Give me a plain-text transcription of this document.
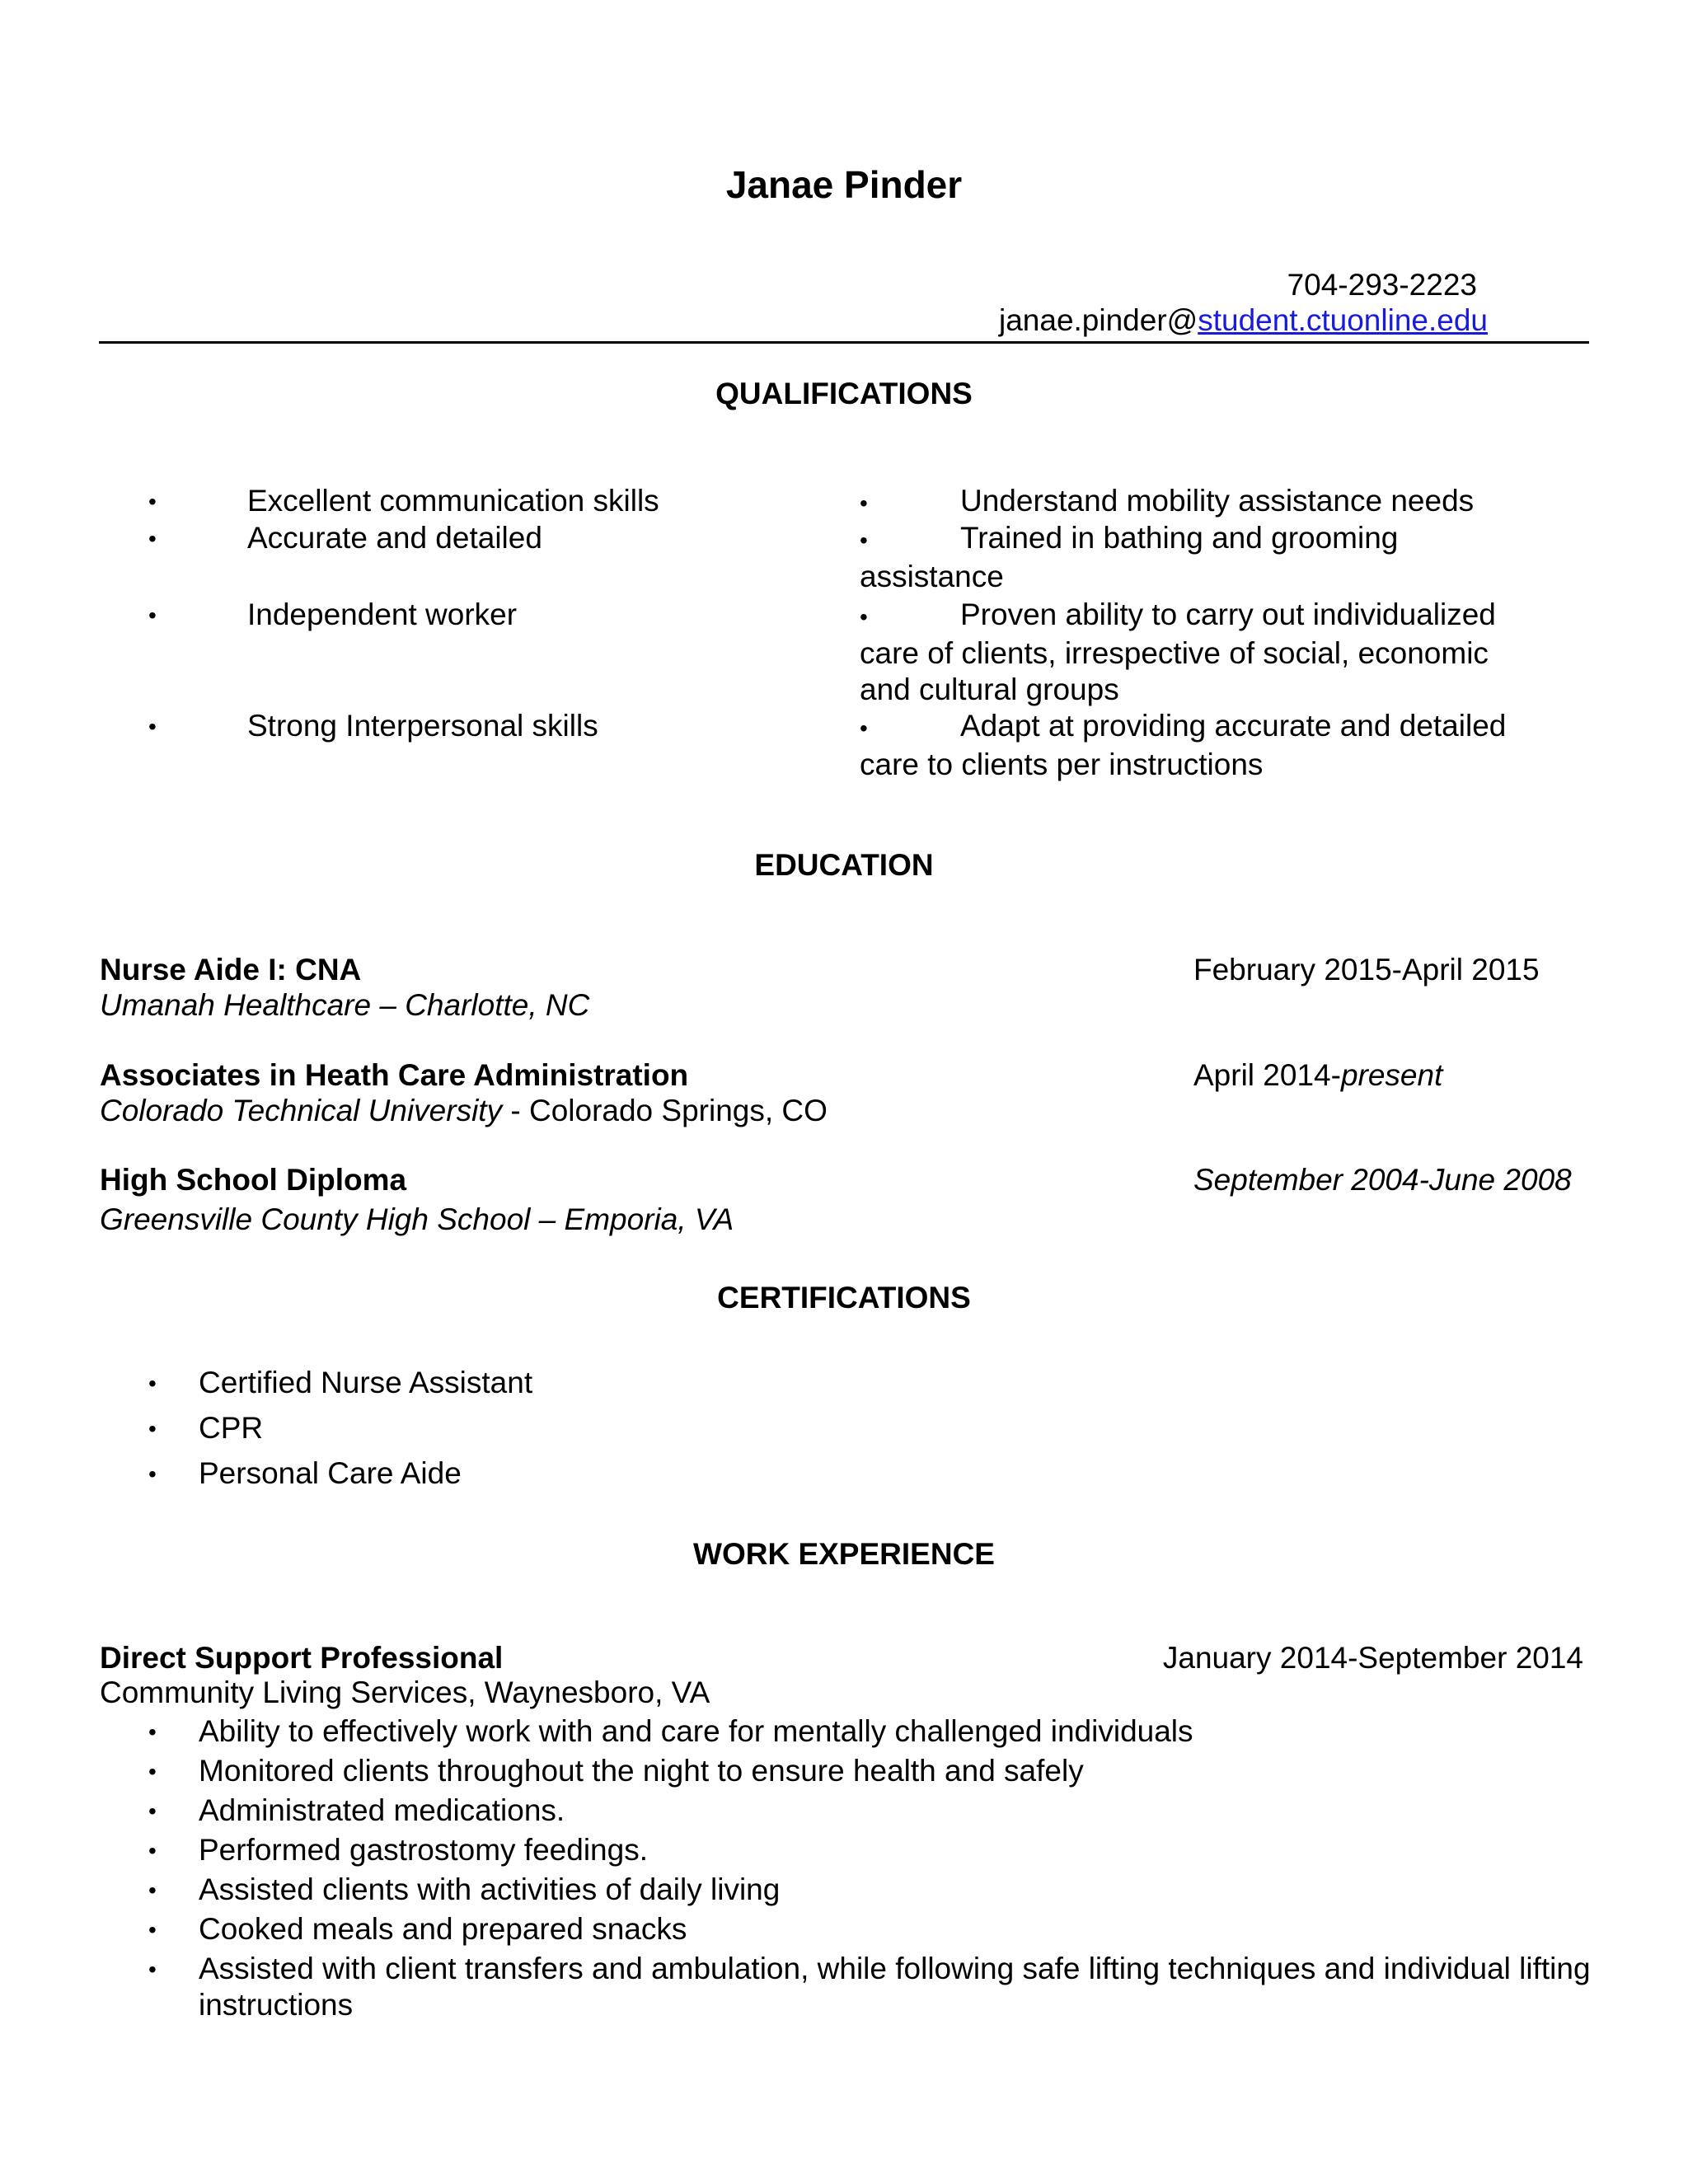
Janae Pinder
704-293-2223
janae.pinder@student.ctuonline.edu
QUALIFICATIONS
•	Excellent communication skills
•	Accurate and detailed
•	Independent worker
•	Strong Interpersonal skills
•	Understand mobility assistance needs
•	Trained in bathing and grooming assistance
•	Proven ability to carry out individualized care of clients, irrespective of social, economic and cultural groups
•	Adapt at providing accurate and detailed care to clients per instructions
EDUCATION
Nurse Aide I: CNA	February 2015-April 2015
Umanah Healthcare – Charlotte, NC
Associates in Heath Care Administration	April 2014-present
Colorado Technical University - Colorado Springs, CO
High School Diploma	September 2004-June 2008
Greensville County High School – Emporia, VA
CERTIFICATIONS
• Certified Nurse Assistant
• CPR
• Personal Care Aide
WORK EXPERIENCE
Direct Support Professional	January 2014-September 2014
Community Living Services, Waynesboro, VA
• Ability to effectively work with and care for mentally challenged individuals
• Monitored clients throughout the night to ensure health and safely
• Administrated medications.
• Performed gastrostomy feedings.
• Assisted clients with activities of daily living
• Cooked meals and prepared snacks
• Assisted with client transfers and ambulation, while following safe lifting techniques and individual lifting instructions
